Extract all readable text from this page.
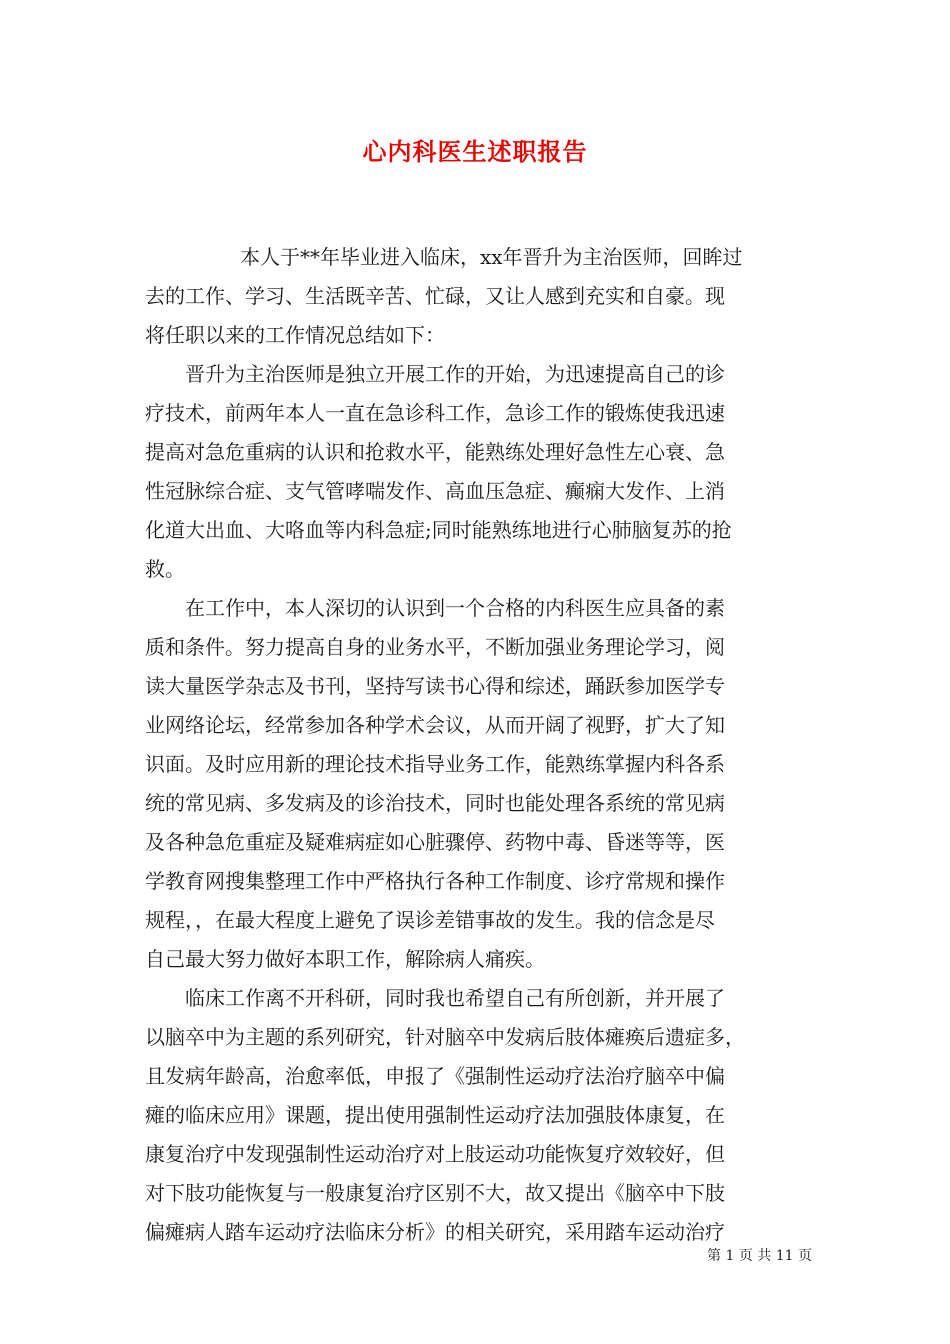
心内科医生述职报告
本人于**年毕业进入临床，xx年晋升为主治医师，回眸过
去的工作、学习、生活既辛苦、忙碌，又让人感到充实和自豪。现
将任职以来的工作情况总结如下：
晋升为主治医师是独立开展工作的开始，为迅速提高自己的诊
疗技术，前两年本人一直在急诊科工作，急诊工作的锻炼使我迅速
提高对急危重病的认识和抢救水平，能熟练处理好急性左心衰、急
性冠脉综合症、支气管哮喘发作、高血压急症、癫痫大发作、上消
化道大出血、大咯血等内科急症;同时能熟练地进行心肺脑复苏的抢
救。
在工作中，本人深切的认识到一个合格的内科医生应具备的素
质和条件。努力提高自身的业务水平，不断加强业务理论学习，阅
读大量医学杂志及书刊，坚持写读书心得和综述，踊跃参加医学专
业网络论坛，经常参加各种学术会议，从而开阔了视野，扩大了知
识面。及时应用新的理论技术指导业务工作，能熟练掌握内科各系
统的常见病、多发病及的诊治技术，同时也能处理各系统的常见病
及各种急危重症及疑难病症如心脏骤停、药物中毒、昏迷等等，医
学教育网搜集整理工作中严格执行各种工作制度、诊疗常规和操作
规程，，在最大程度上避免了误诊差错事故的发生。我的信念是尽
自己最大努力做好本职工作，解除病人痛疾。
临床工作离不开科研，同时我也希望自己有所创新，并开展了
以脑卒中为主题的系列研究，针对脑卒中发病后肢体瘫痪后遗症多，
且发病年龄高，治愈率低，申报了《强制性运动疗法治疗脑卒中偏
瘫的临床应用》课题，提出使用强制性运动疗法加强肢体康复，在
康复治疗中发现强制性运动治疗对上肢运动功能恢复疗效较好，但
对下肢功能恢复与一般康复治疗区别不大，故又提出《脑卒中下肢
偏瘫病人踏车运动疗法临床分析》的相关研究，采用踏车运动治疗
第 1 页 共 11 页
